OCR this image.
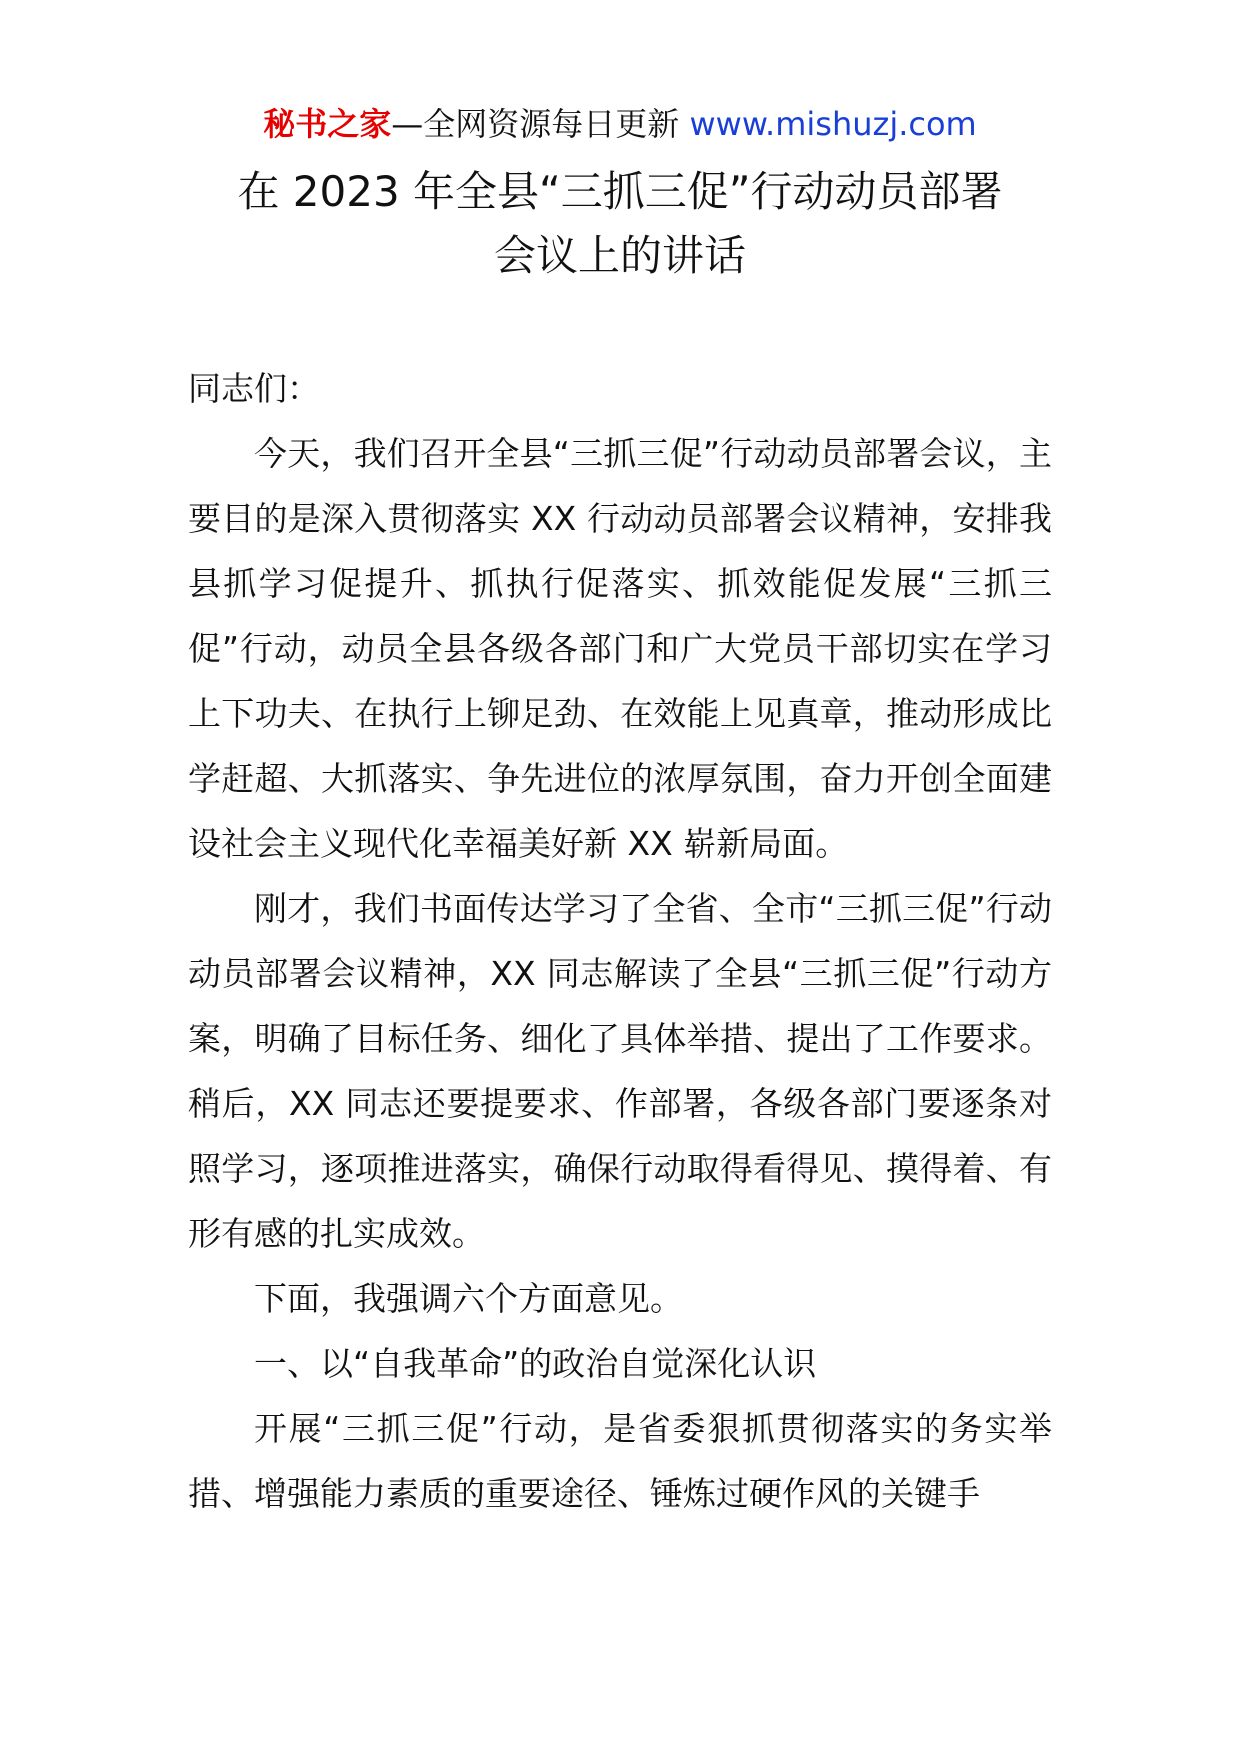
秘书之家—全网资源每日更新 www.mishuzj.com
在 2023 年全县“三抓三促”行动动员部署
会议上的讲话

同志们：

今天，我们召开全县“三抓三促”行动动员部署会议，主要目的是深入贯彻落实 XX 行动动员部署会议精神，安排我县抓学习促提升、抓执行促落实、抓效能促发展“三抓三促”行动，动员全县各级各部门和广大党员干部切实在学习上下功夫、在执行上铆足劲、在效能上见真章，推动形成比学赶超、大抓落实、争先进位的浓厚氛围，奋力开创全面建设社会主义现代化幸福美好新 XX 崭新局面。

刚才，我们书面传达学习了全省、全市“三抓三促”行动动员部署会议精神，XX 同志解读了全县“三抓三促”行动方案，明确了目标任务、细化了具体举措、提出了工作要求。稍后，XX 同志还要提要求、作部署，各级各部门要逐条对照学习，逐项推进落实，确保行动取得看得见、摸得着、有形有感的扎实成效。

下面，我强调六个方面意见。

一、以“自我革命”的政治自觉深化认识

开展“三抓三促”行动，是省委狠抓贯彻落实的务实举措、增强能力素质的重要途径、锤炼过硬作风的关键手
